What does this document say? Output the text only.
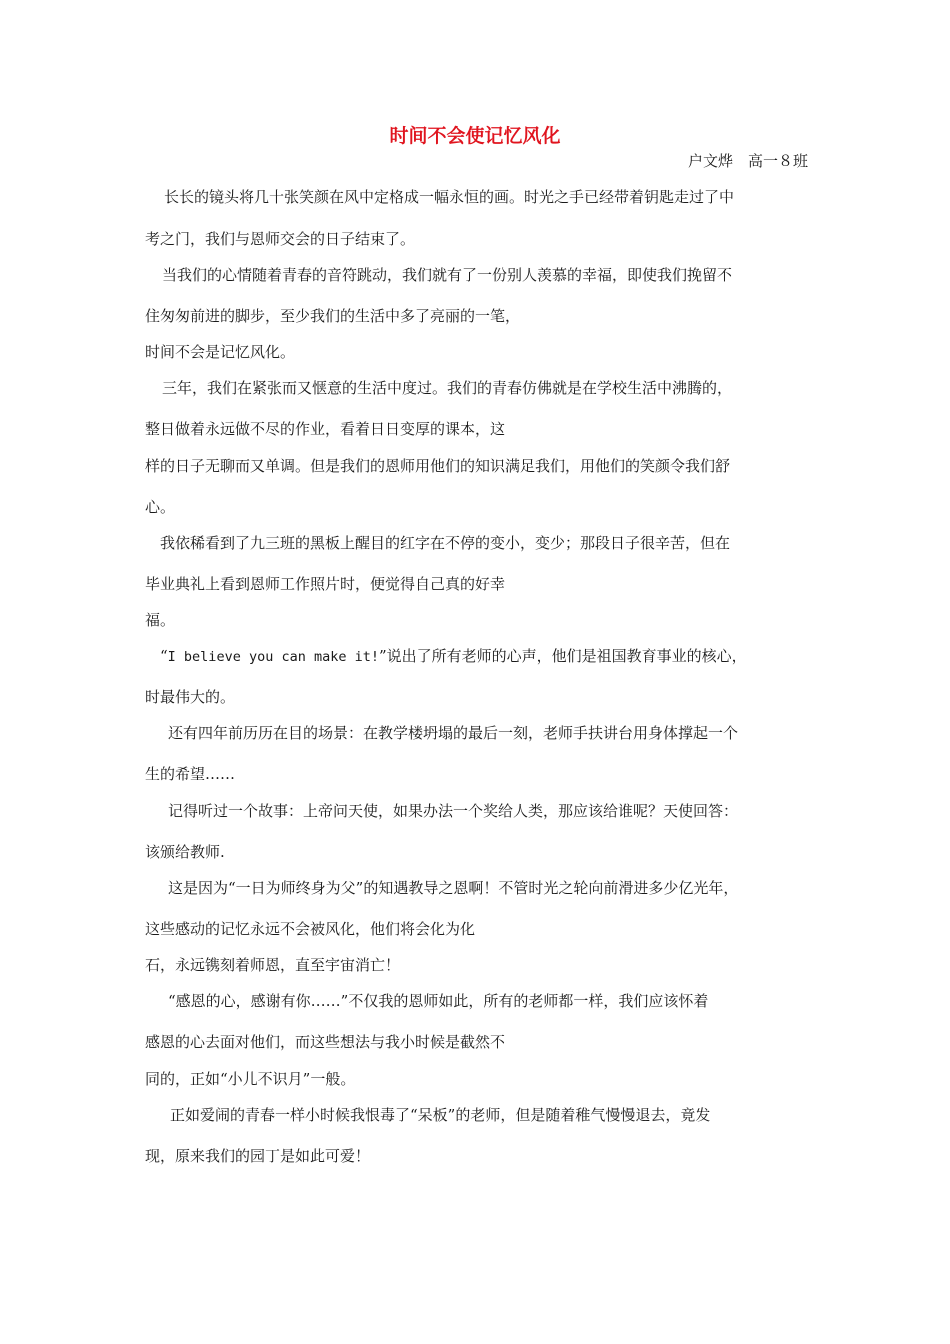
时间不会使记忆风化

户文烨　高一８班

长长的镜头将几十张笑颜在风中定格成一幅永恒的画。时光之手已经带着钥匙走过了中

考之门，我们与恩师交会的日子结束了。

当我们的心情随着青春的音符跳动，我们就有了一份别人羡慕的幸福，即使我们挽留不

住匆匆前进的脚步，至少我们的生活中多了亮丽的一笔，

时间不会是记忆风化。

三年，我们在紧张而又惬意的生活中度过。我们的青春仿佛就是在学校生活中沸腾的，

整日做着永远做不尽的作业，看着日日变厚的课本，这

样的日子无聊而又单调。但是我们的恩师用他们的知识满足我们，用他们的笑颜令我们舒

心。

我依稀看到了九三班的黑板上醒目的红字在不停的变小，变少；那段日子很辛苦，但在

毕业典礼上看到恩师工作照片时，便觉得自己真的好幸

福。

“I believe you can make it!”说出了所有老师的心声，他们是祖国教育事业的核心，

时最伟大的。

还有四年前历历在目的场景：在教学楼坍塌的最后一刻，老师手扶讲台用身体撑起一个

生的希望……

记得听过一个故事：上帝问天使，如果办法一个奖给人类，那应该给谁呢？天使回答：

该颁给教师.

这是因为“一日为师终身为父”的知遇教导之恩啊！不管时光之轮向前滑进多少亿光年，

这些感动的记忆永远不会被风化，他们将会化为化

石，永远镌刻着师恩，直至宇宙消亡！

“感恩的心，感谢有你……”不仅我的恩师如此，所有的老师都一样，我们应该怀着

感恩的心去面对他们，而这些想法与我小时候是截然不

同的，正如“小儿不识月”一般。

正如爱闹的青春一样小时候我恨毒了“呆板”的老师，但是随着稚气慢慢退去，竟发

现，原来我们的园丁是如此可爱！
